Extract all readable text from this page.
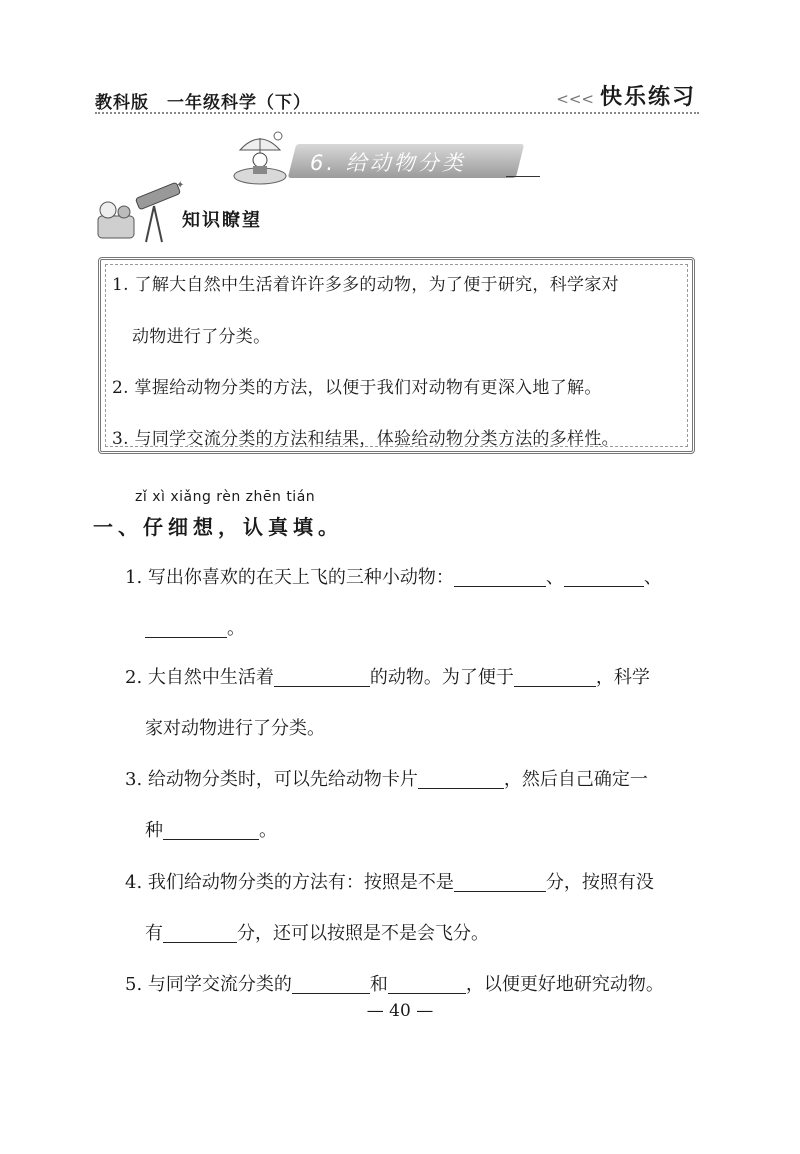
教科版 一年级科学（下）	<<< 快乐练习
6. 给动物分类
✦
知识瞭望
1. 了解大自然中生活着许许多多的动物，为了便于研究，科学家对
动物进行了分类。
2. 掌握给动物分类的方法，以便于我们对动物有更深入地了解。
3. 与同学交流分类的方法和结果，体验给动物分类方法的多样性。
zǐ xì xiǎng rèn zhēn tián
一、仔细想，认真填。
1. 写出你喜欢的在天上飞的三种小动物：	、	、
。
2. 大自然中生活着	的动物。为了便于	，科学
家对动物进行了分类。
3. 给动物分类时，可以先给动物卡片	，然后自己确定一
种	。
4. 我们给动物分类的方法有：按照是不是	分，按照有没
有	分，还可以按照是不是会飞分。
5. 与同学交流分类的	和	，以便更好地研究动物。
— 40 —
